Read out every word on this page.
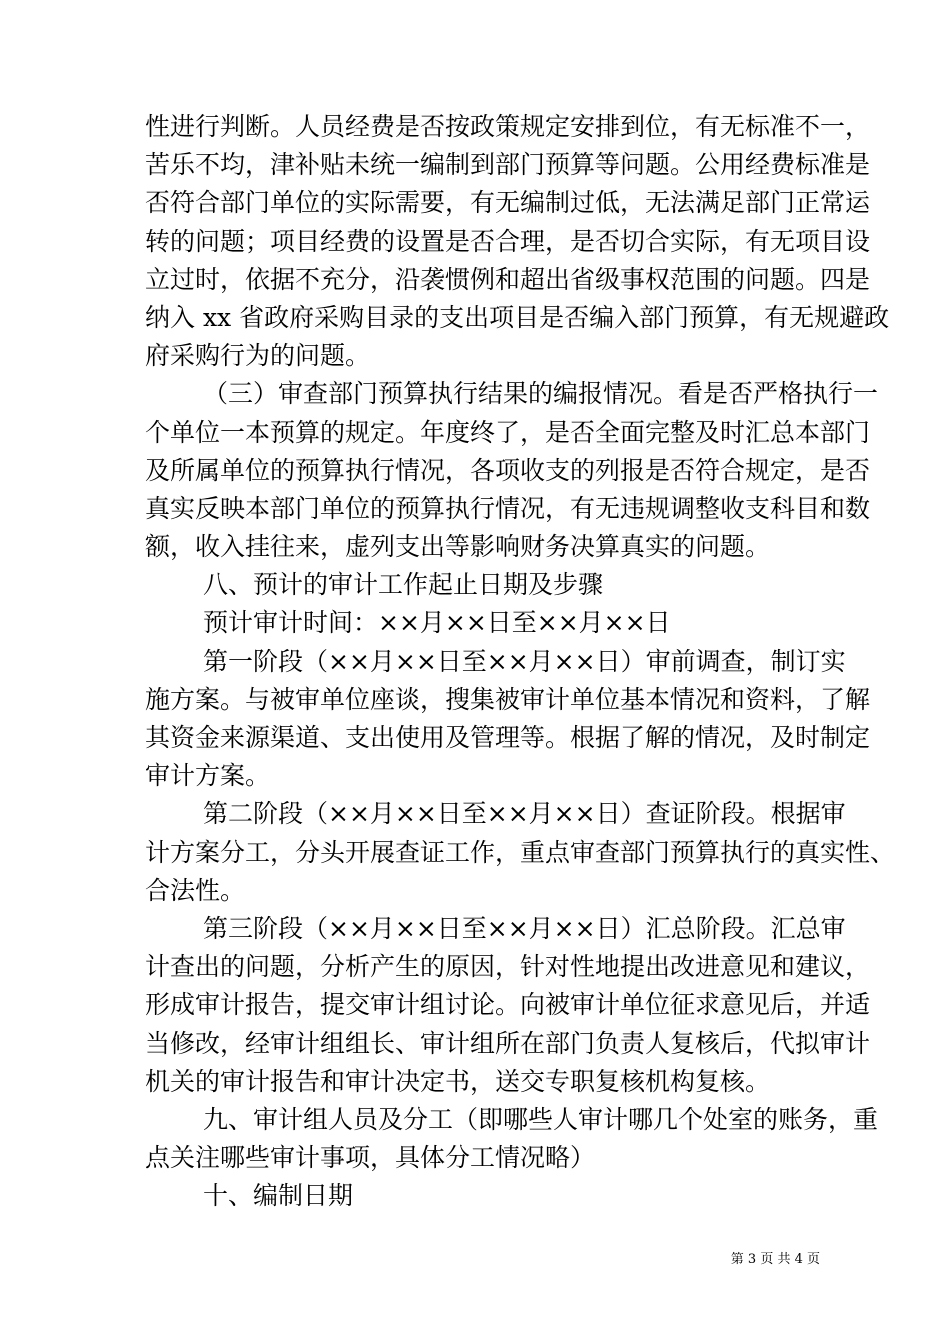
性进行判断。人员经费是否按政策规定安排到位，有无标准不一，
苦乐不均，津补贴未统一编制到部门预算等问题。公用经费标准是
否符合部门单位的实际需要，有无编制过低，无法满足部门正常运
转的问题；项目经费的设置是否合理，是否切合实际，有无项目设
立过时，依据不充分，沿袭惯例和超出省级事权范围的问题。四是
纳入 xx 省政府采购目录的支出项目是否编入部门预算，有无规避政
府采购行为的问题。
（三）审查部门预算执行结果的编报情况。看是否严格执行一
个单位一本预算的规定。年度终了，是否全面完整及时汇总本部门
及所属单位的预算执行情况，各项收支的列报是否符合规定，是否
真实反映本部门单位的预算执行情况，有无违规调整收支科目和数
额，收入挂往来，虚列支出等影响财务决算真实的问题。
八、预计的审计工作起止日期及步骤
预计审计时间：××月××日至××月××日
第一阶段（××月××日至××月××日）审前调查，制订实
施方案。与被审单位座谈，搜集被审计单位基本情况和资料，了解
其资金来源渠道、支出使用及管理等。根据了解的情况，及时制定
审计方案。
第二阶段（××月××日至××月××日）查证阶段。根据审
计方案分工，分头开展查证工作，重点审查部门预算执行的真实性、
合法性。
第三阶段（××月××日至××月××日）汇总阶段。汇总审
计查出的问题，分析产生的原因，针对性地提出改进意见和建议，
形成审计报告，提交审计组讨论。向被审计单位征求意见后，并适
当修改，经审计组组长、审计组所在部门负责人复核后，代拟审计
机关的审计报告和审计决定书，送交专职复核机构复核。
九、审计组人员及分工（即哪些人审计哪几个处室的账务，重
点关注哪些审计事项，具体分工情况略）
十、编制日期
第 3 页 共 4 页
